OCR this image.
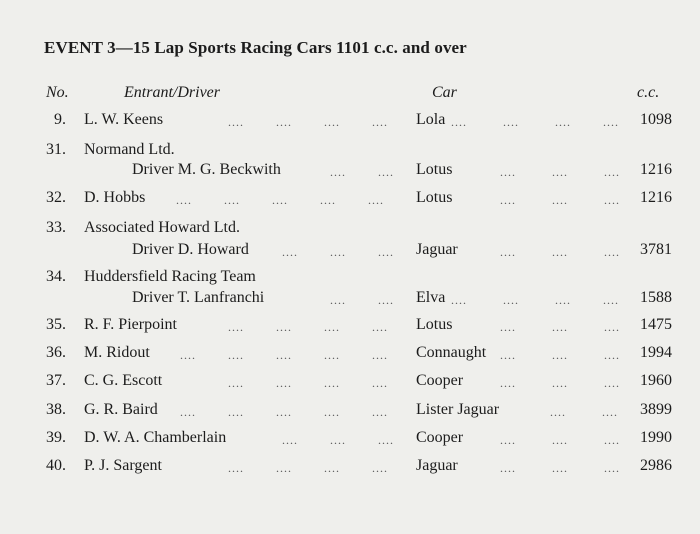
EVENT 3—15 Lap Sports Racing Cars 1101 c.c. and over
No.	Entrant/Driver	Car	c.c.
9. L. W. Keens	....        ....        ....        .... Lola ....         ....         ....        .... 1098
31. Normand Ltd.
Driver M. G. Beckwith	....        .... Lotus	....         ....         .... 1216
32. D. Hobbs	....        ....        ....        ....        .... Lotus	....         ....         .... 1216
33. Associated Howard Ltd.
Driver D. Howard	....        ....        .... Jaguar	....         ....         .... 3781
34. Huddersfield Racing Team
Driver T. Lanfranchi	....        .... Elva ....         ....         ....        .... 1588
35. R. F. Pierpoint	....        ....        ....        .... Lotus	....         ....         .... 1475
36. M. Ridout	....        ....        ....        ....        .... Connaught ....         ....         .... 1994
37. C. G. Escott	....        ....        ....        .... Cooper	....         ....         .... 1960
38. G. R. Baird ....        ....        ....        ....        .... Lister Jaguar	....         .... 3899
39. D. W. A. Chamberlain	....        ....        .... Cooper	....         ....         .... 1990
40. P. J. Sargent	....        ....        ....        .... Jaguar	....         ....         .... 2986
